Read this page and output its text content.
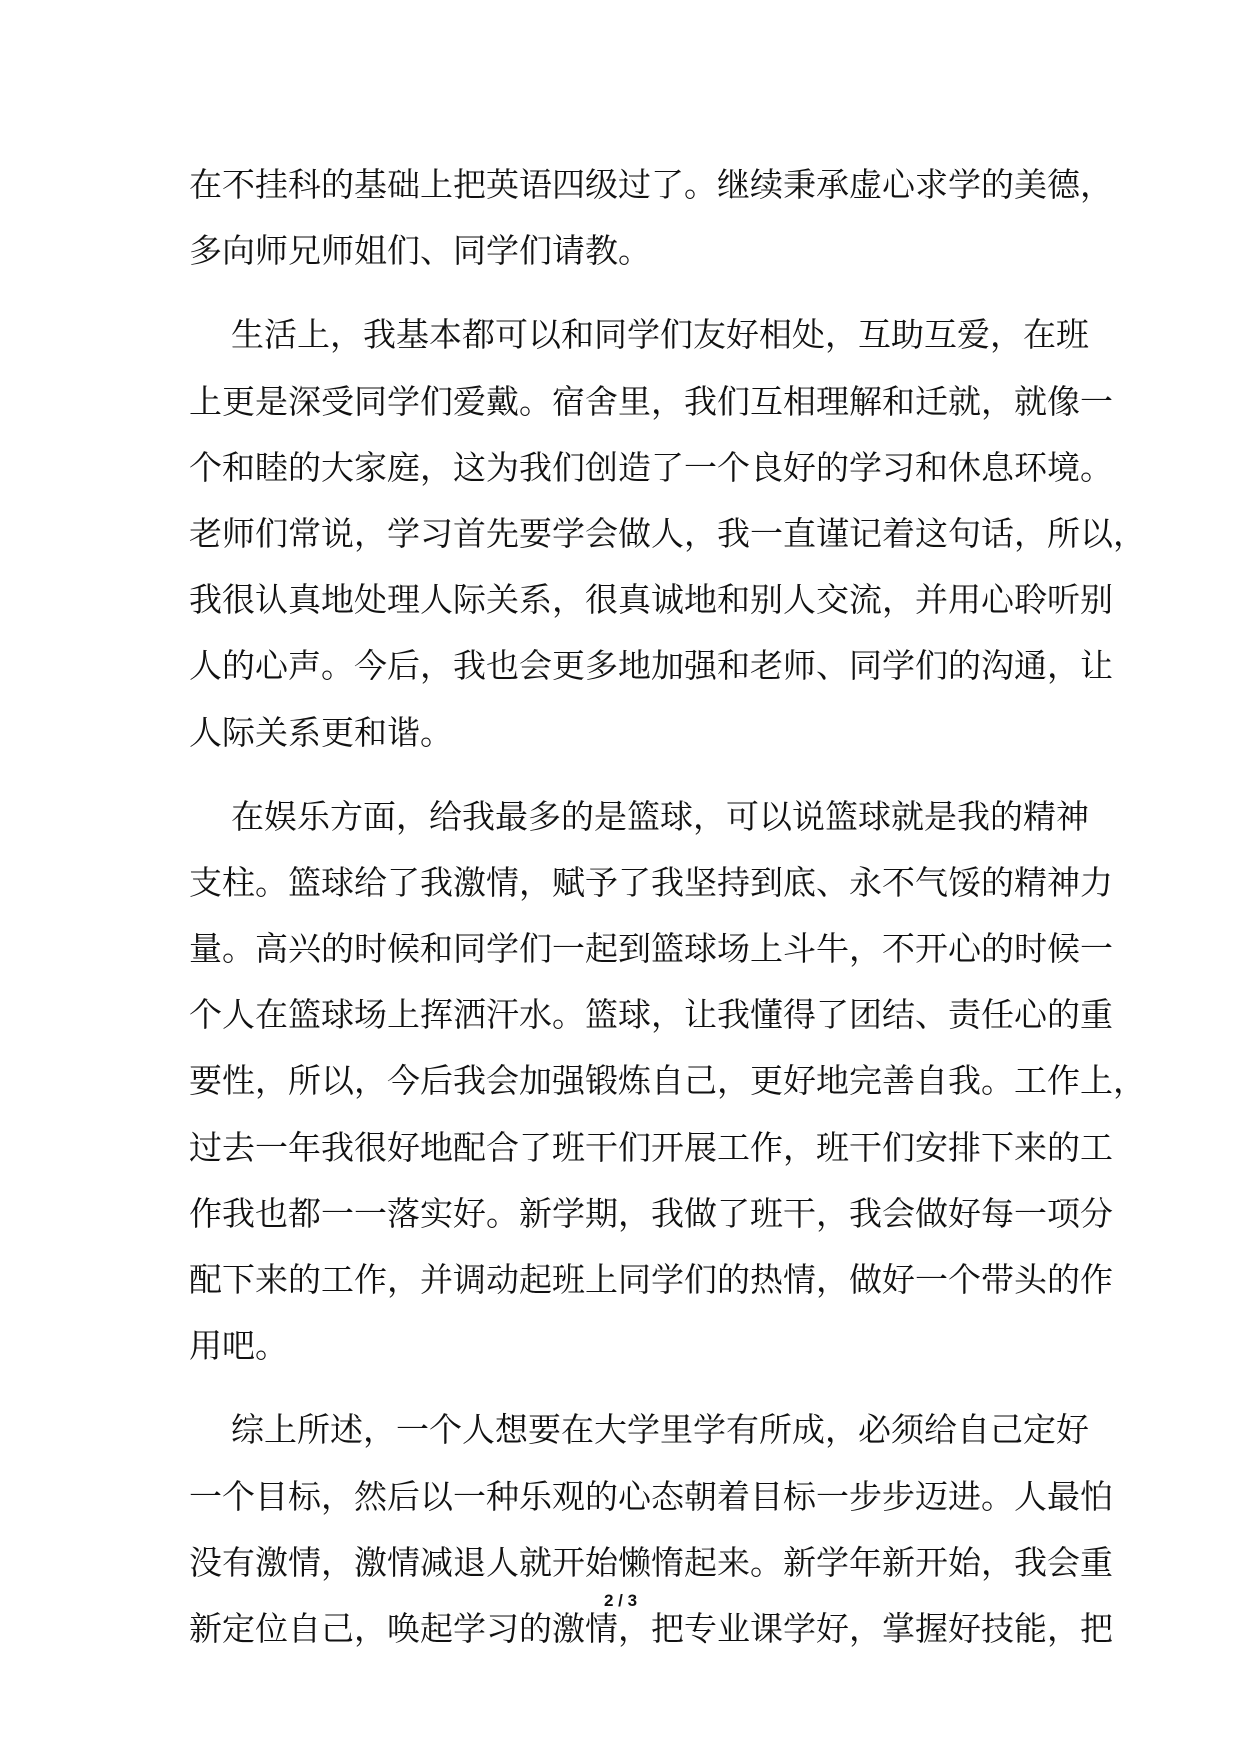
在不挂科的基础上把英语四级过了。继续秉承虚心求学的美德，
多向师兄师姐们、同学们请教。
生活上，我基本都可以和同学们友好相处，互助互爱，在班
上更是深受同学们爱戴。宿舍里，我们互相理解和迁就，就像一
个和睦的大家庭，这为我们创造了一个良好的学习和休息环境。
老师们常说，学习首先要学会做人，我一直谨记着这句话，所以，
我很认真地处理人际关系，很真诚地和别人交流，并用心聆听别
人的心声。今后，我也会更多地加强和老师、同学们的沟通，让
人际关系更和谐。
在娱乐方面，给我最多的是篮球，可以说篮球就是我的精神
支柱。篮球给了我激情，赋予了我坚持到底、永不气馁的精神力
量。高兴的时候和同学们一起到篮球场上斗牛，不开心的时候一
个人在篮球场上挥洒汗水。篮球，让我懂得了团结、责任心的重
要性，所以，今后我会加强锻炼自己，更好地完善自我。工作上，
过去一年我很好地配合了班干们开展工作，班干们安排下来的工
作我也都一一落实好。新学期，我做了班干，我会做好每一项分
配下来的工作，并调动起班上同学们的热情，做好一个带头的作
用吧。
综上所述，一个人想要在大学里学有所成，必须给自己定好
一个目标，然后以一种乐观的心态朝着目标一步步迈进。人最怕
没有激情，激情减退人就开始懒惰起来。新学年新开始，我会重
新定位自己，唤起学习的激情，把专业课学好，掌握好技能，把
2 / 3
